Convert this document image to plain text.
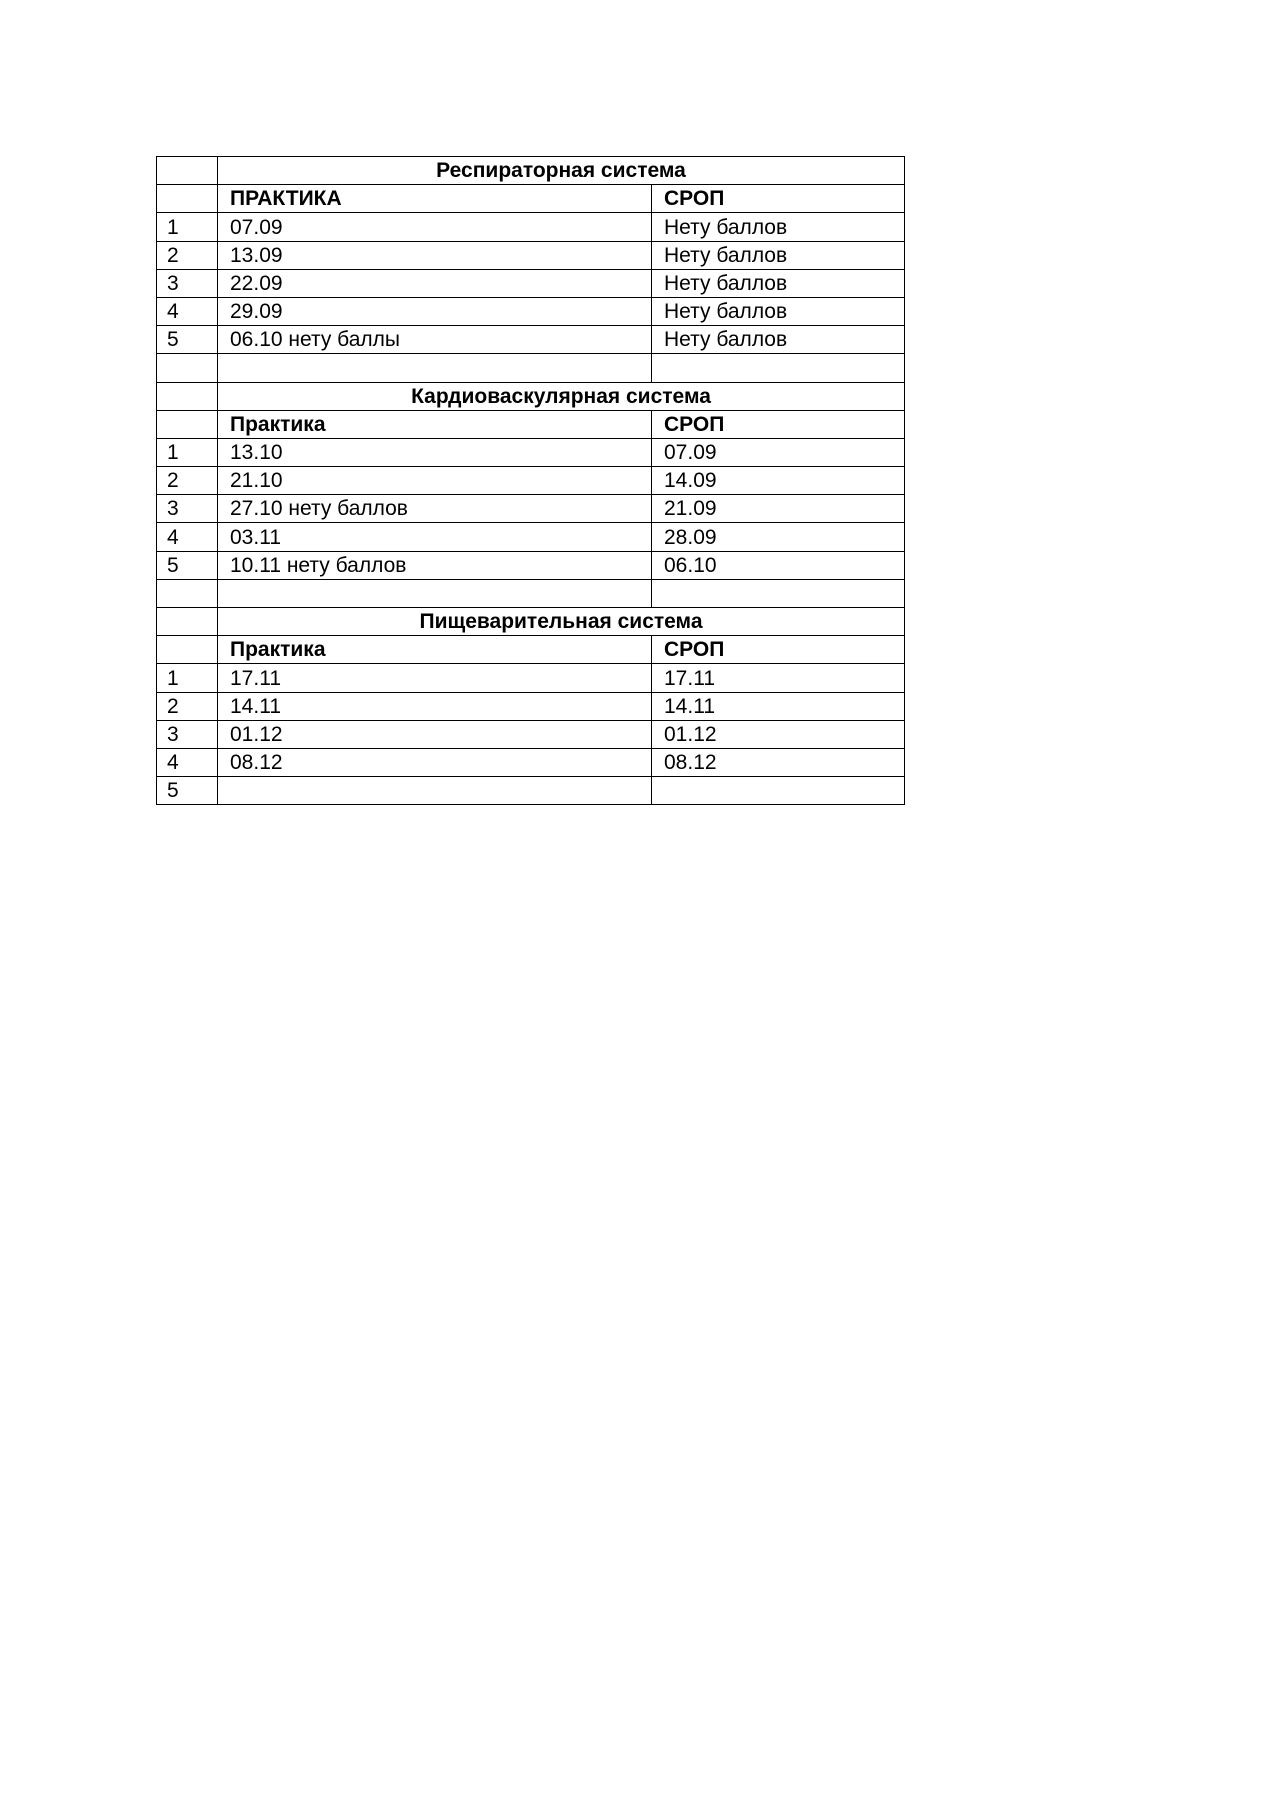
	Респираторная система	
	ПРАКТИКА	СРОП
1	07.09	Нету баллов
2	13.09	Нету баллов
3	22.09	Нету баллов
4	29.09	Нету баллов
5	06.10 нету баллы	Нету баллов

	Кардиоваскулярная система	
	Практика	СРОП
1	13.10	07.09
2	21.10	14.09
3	27.10 нету баллов	21.09
4	03.11	28.09
5	10.11 нету баллов	06.10

	Пищеварительная система	
	Практика	СРОП
1	17.11	17.11
2	14.11	14.11
3	01.12	01.12
4	08.12	08.12
5		
